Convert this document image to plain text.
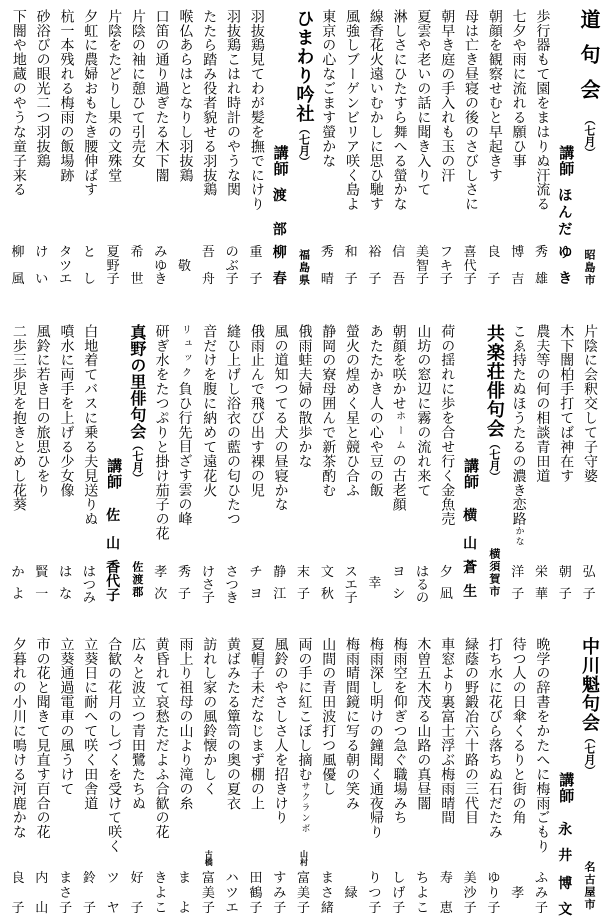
道句会（七月）
昭島市
講師
ほ
ん
だ
ゆ
き
歩行器もて園をまはりぬ汗流る
秀
雄
七夕や雨に流れる願ひ事
博
吉
朝顔を観察せむと早起きす
良
子
母は亡き昼寝の後のさびしさに
喜
代
子
朝早き庭の手入れも玉の汗
フ
キ
子
夏雲や老いの話に聞き入りて
美
智
子
淋しさにひたすら舞へる螢かな
信
吾
線香花火遠いむかしに思ひ馳す
裕
子
風強しブーゲンビリア咲く島よ
和
子
東京の心なごます螢かな
秀
晴
ひまわり吟社（七月）
福島県
講師
渡
部
柳
春
羽抜鶏見てわが髪を撫でにけり
重
子
羽抜鶏こはれ時計のやうな関
の
ぶ
子
たたら踏み役者貌せる羽抜鶏
吾
舟
喉仏あらはとなりし羽抜鶏
敬
口笛の通り過ぎたる木下闇
み
ゆ
き
片陰の袖に憩ひて引売女
希
世
片陰をたどりし果の文殊堂
夏
野
子
夕虹に農婦おもたき腰伸ばす
と
し
杭一本残れる梅雨の飯場跡
タ
ツ
エ
砂浴びの眼光二つ羽抜鶏
け
い
下闇や地蔵のやうな童子来る
柳
風
片陰に会釈交して子守婆
弘
子
木下闇柏手打てば神在す
朝
子
農夫等の何の相談青田道
栄
華
こゑ持たぬほうたるの濃き恋路かな
洋
子
共楽荘俳句会（七月）
横須賀市
講師
横
山
蒼
生
荷の揺れに歩を合せ行く金魚売
夕
凪
山坊の窓辺に霧の流れ来て
は
る
の
朝顔を咲かせホームの古老顔
ヨ
シ
あたたかき人の心や豆の飯
幸
螢火の煌めく星と競ひ合ふ
ス
エ
子
静岡の寮母囲んで新茶酌む
文
秋
俄雨蛙夫婦の散歩かな
末
子
風の道知つてる犬の昼寝かな
静
江
俄雨止んで飛び出す裸の児
チ
ヨ
縫ひ上げし浴衣の藍の匂ひたつ
さ
つ
き
音だけを腹に納めて遠花火
け
さ
子
リュック負ひ行先目ざす雲の峰
秀
子
研ぎ水をたつぷりと掛け茄子の花
孝
次
真野の里俳句会（七月）
佐渡郡
講師
佐
山
香
代
子
白地着てバスに乗る夫見送りぬ
は
つ
み
噴水に両手を上げる少女像
は
な
風鈴に若き日の旅思ひをり
賢
一
二歩三歩児を抱きとめし花葵
か
よ
中川魁句会（七月）
名古屋市
講師
永
井
博
文
晩学の辞書をかたへに梅雨ごもり
ふ
み
子
待つ人の日傘くるりと街の角
孝
打ち水に花びら落ちぬ石だたみ
ゆ
り
子
緑蔭の野鍛冶六十路の三代目
美
沙
子
車窓より裏富士浮ぶ梅雨晴間
寿
恵
木曽五木茂る山路の真昼闇
ち
よ
こ
梅雨空を仰ぎつ急ぐ職場みち
し
げ
子
梅雨深し明けの鐘聞く通夜帰り
り
つ
子
梅雨晴間鏡に写る朝の笑み
緑
山間の青田波打つ風優し
ま
さ
緒
両の手に紅こぼし摘むサクランボ
山村
富
美
子
風鈴のやさしさ人を招きけり
す
み
子
夏帽子未だなじまず棚の上
田
鶴
子
黄ばみたる簞笥の奥の夏衣
ハ
ツ
エ
訪れし家の風鈴懐かしく
古橋
富
美
子
雨上り祖母の山より滝の糸
ま
よ
黄昏れて哀愁ただよふ合歓の花
き
よ
こ
広々と波立つ青田鷺たちぬ
好
子
合歓の花月のしづくを受けて咲く
ツ
ヤ
立葵日に耐へて咲く田舎道
鈴
子
立葵通過電車の風うけて
ま
さ
子
市の花と聞きて見直す百合の花
内
山
夕暮れの小川に鳴ける河鹿かな
良
子
